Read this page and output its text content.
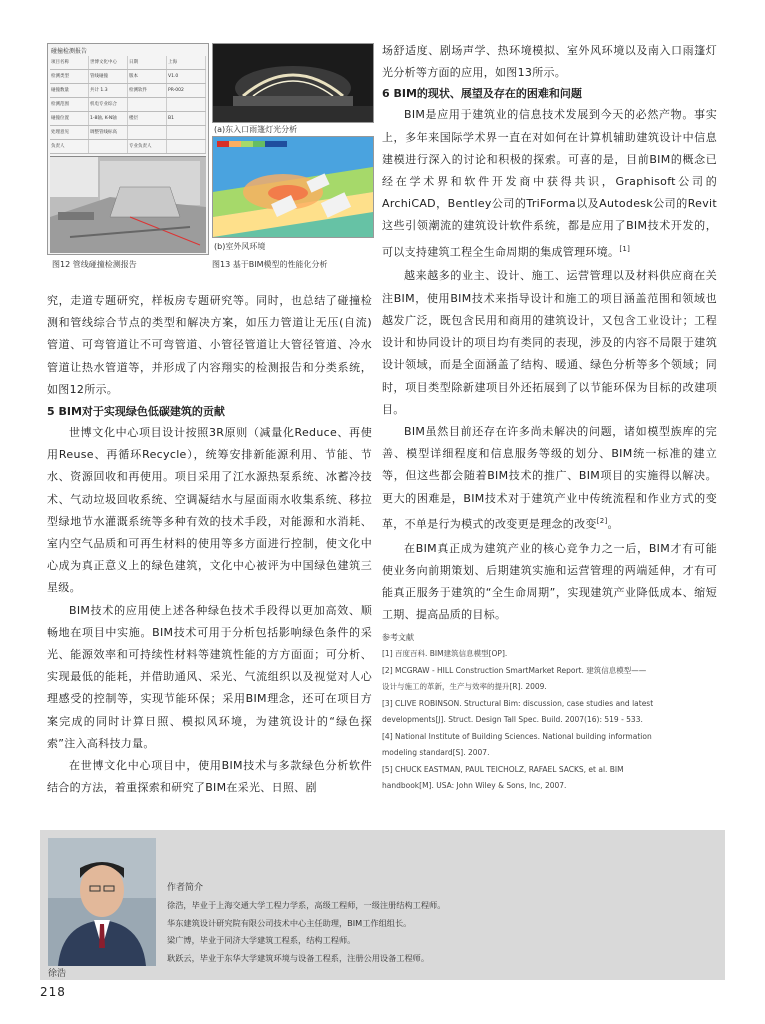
碰撞检测报告
项目名称	世博文化中心	日期	上海
检测类型	管线碰撞	版本	V1.0
碰撞数量	共计 1.3	检测软件	PR-002
检测范围	机电专业综合
碰撞位置	1-8轴, K-N轴	楼层	B1
处理意见	调整管线标高
负责人	专业负责人
图12 管线碰撞检测报告
(a)东入口雨篷灯光分析
(b)室外风环境
图13 基于BIM模型的性能化分析

究，走道专题研究，样板房专题研究等。同时，也总结了碰撞检测和管线综合节点的类型和解决方案，如压力管道让无压(自流)管道、可弯管道让不可弯管道、小管径管道让大管径管道、冷水管道让热水管道等，并形成了内容翔实的检测报告和分类系统，如图12所示。

5 BIM对于实现绿色低碳建筑的贡献

世博文化中心项目设计按照3R原则（减量化Reduce、再使用Reuse、再循环Recycle），统筹安排新能源利用、节能、节水、资源回收和再使用。项目采用了江水源热泵系统、冰蓄冷技术、气动垃圾回收系统、空调凝结水与屋面雨水收集系统、移拉型绿地节水灌溉系统等多种有效的技术手段，对能源和水消耗、室内空气品质和可再生材料的使用等多方面进行控制，使文化中心成为真正意义上的绿色建筑，文化中心被评为中国绿色建筑三星级。

BIM技术的应用使上述各种绿色技术手段得以更加高效、顺畅地在项目中实施。BIM技术可用于分析包括影响绿色条件的采光、能源效率和可持续性材料等建筑性能的方方面面；可分析、实现最低的能耗，并借助通风、采光、气流组织以及视觉对人心理感受的控制等，实现节能环保；采用BIM理念，还可在项目方案完成的同时计算日照、模拟风环境，为建筑设计的“绿色探索”注入高科技力量。

在世博文化中心项目中，使用BIM技术与多款绿色分析软件结合的方法，着重探索和研究了BIM在采光、日照、剧

场舒适度、剧场声学、热环境模拟、室外风环境以及南入口雨篷灯光分析等方面的应用，如图13所示。

6 BIM的现状、展望及存在的困难和问题

BIM是应用于建筑业的信息技术发展到今天的必然产物。事实上，多年来国际学术界一直在对如何在计算机辅助建筑设计中信息建模进行深入的讨论和积极的探索。可喜的是，目前BIM的概念已经在学术界和软件开发商中获得共识，Graphisoft公司的ArchiCAD，Bentley公司的TriForma以及Autodesk公司的Revit这些引领潮流的建筑设计软件系统，都是应用了BIM技术开发的，可以支持建筑工程全生命周期的集成管理环境。[1]

越来越多的业主、设计、施工、运营管理以及材料供应商在关注BIM，使用BIM技术来指导设计和施工的项目涵盖范围和领域也越发广泛，既包含民用和商用的建筑设计，又包含工业设计；工程设计和协同设计的项目均有类同的表现，涉及的内容不局限于建筑设计领域，而是全面涵盖了结构、暖通、绿色分析等多个领域；同时，项目类型除新建项目外还拓展到了以节能环保为目标的改建项目。

BIM虽然目前还存在许多尚未解决的问题，诸如模型族库的完善、模型详细程度和信息服务等级的划分、BIM统一标准的建立等，但这些都会随着BIM技术的推广、BIM项目的实施得以解决。更大的困难是，BIM技术对于建筑产业中传统流程和作业方式的变革，不单是行为模式的改变更是理念的改变[2]。

在BIM真正成为建筑产业的核心竞争力之一后，BIM才有可能使业务向前期策划、后期建筑实施和运营管理的两端延伸，才有可能真正服务于建筑的“全生命周期”，实现建筑产业降低成本、缩短工期、提高品质的目标。

参考文献
[1] 百度百科. BIM建筑信息模型[OP].
[2] MCGRAW - HILL Construction SmartMarket Report. 建筑信息模型——
设计与施工的革新，生产与效率的提升[R]. 2009.
[3] CLIVE ROBINSON. Structural Bim: discussion, case studies and latest
developments[J]. Struct. Design Tall Spec. Build. 2007(16): 519 - 533.
[4] National Institute of Building Sciences. National building information
modeling standard[S]. 2007.
[5] CHUCK EASTMAN, PAUL TEICHOLZ, RAFAEL SACKS, et al. BIM
handbook[M]. USA: John Wiley & Sons, Inc, 2007.
作者简介
徐浩，毕业于上海交通大学工程力学系，高级工程师，一级注册结构工程师。
华东建筑设计研究院有限公司技术中心主任助理，BIM工作组组长。
梁广博，毕业于同济大学建筑工程系，结构工程师。
耿跃云，毕业于东华大学建筑环境与设备工程系，注册公用设备工程师。
徐浩
218
